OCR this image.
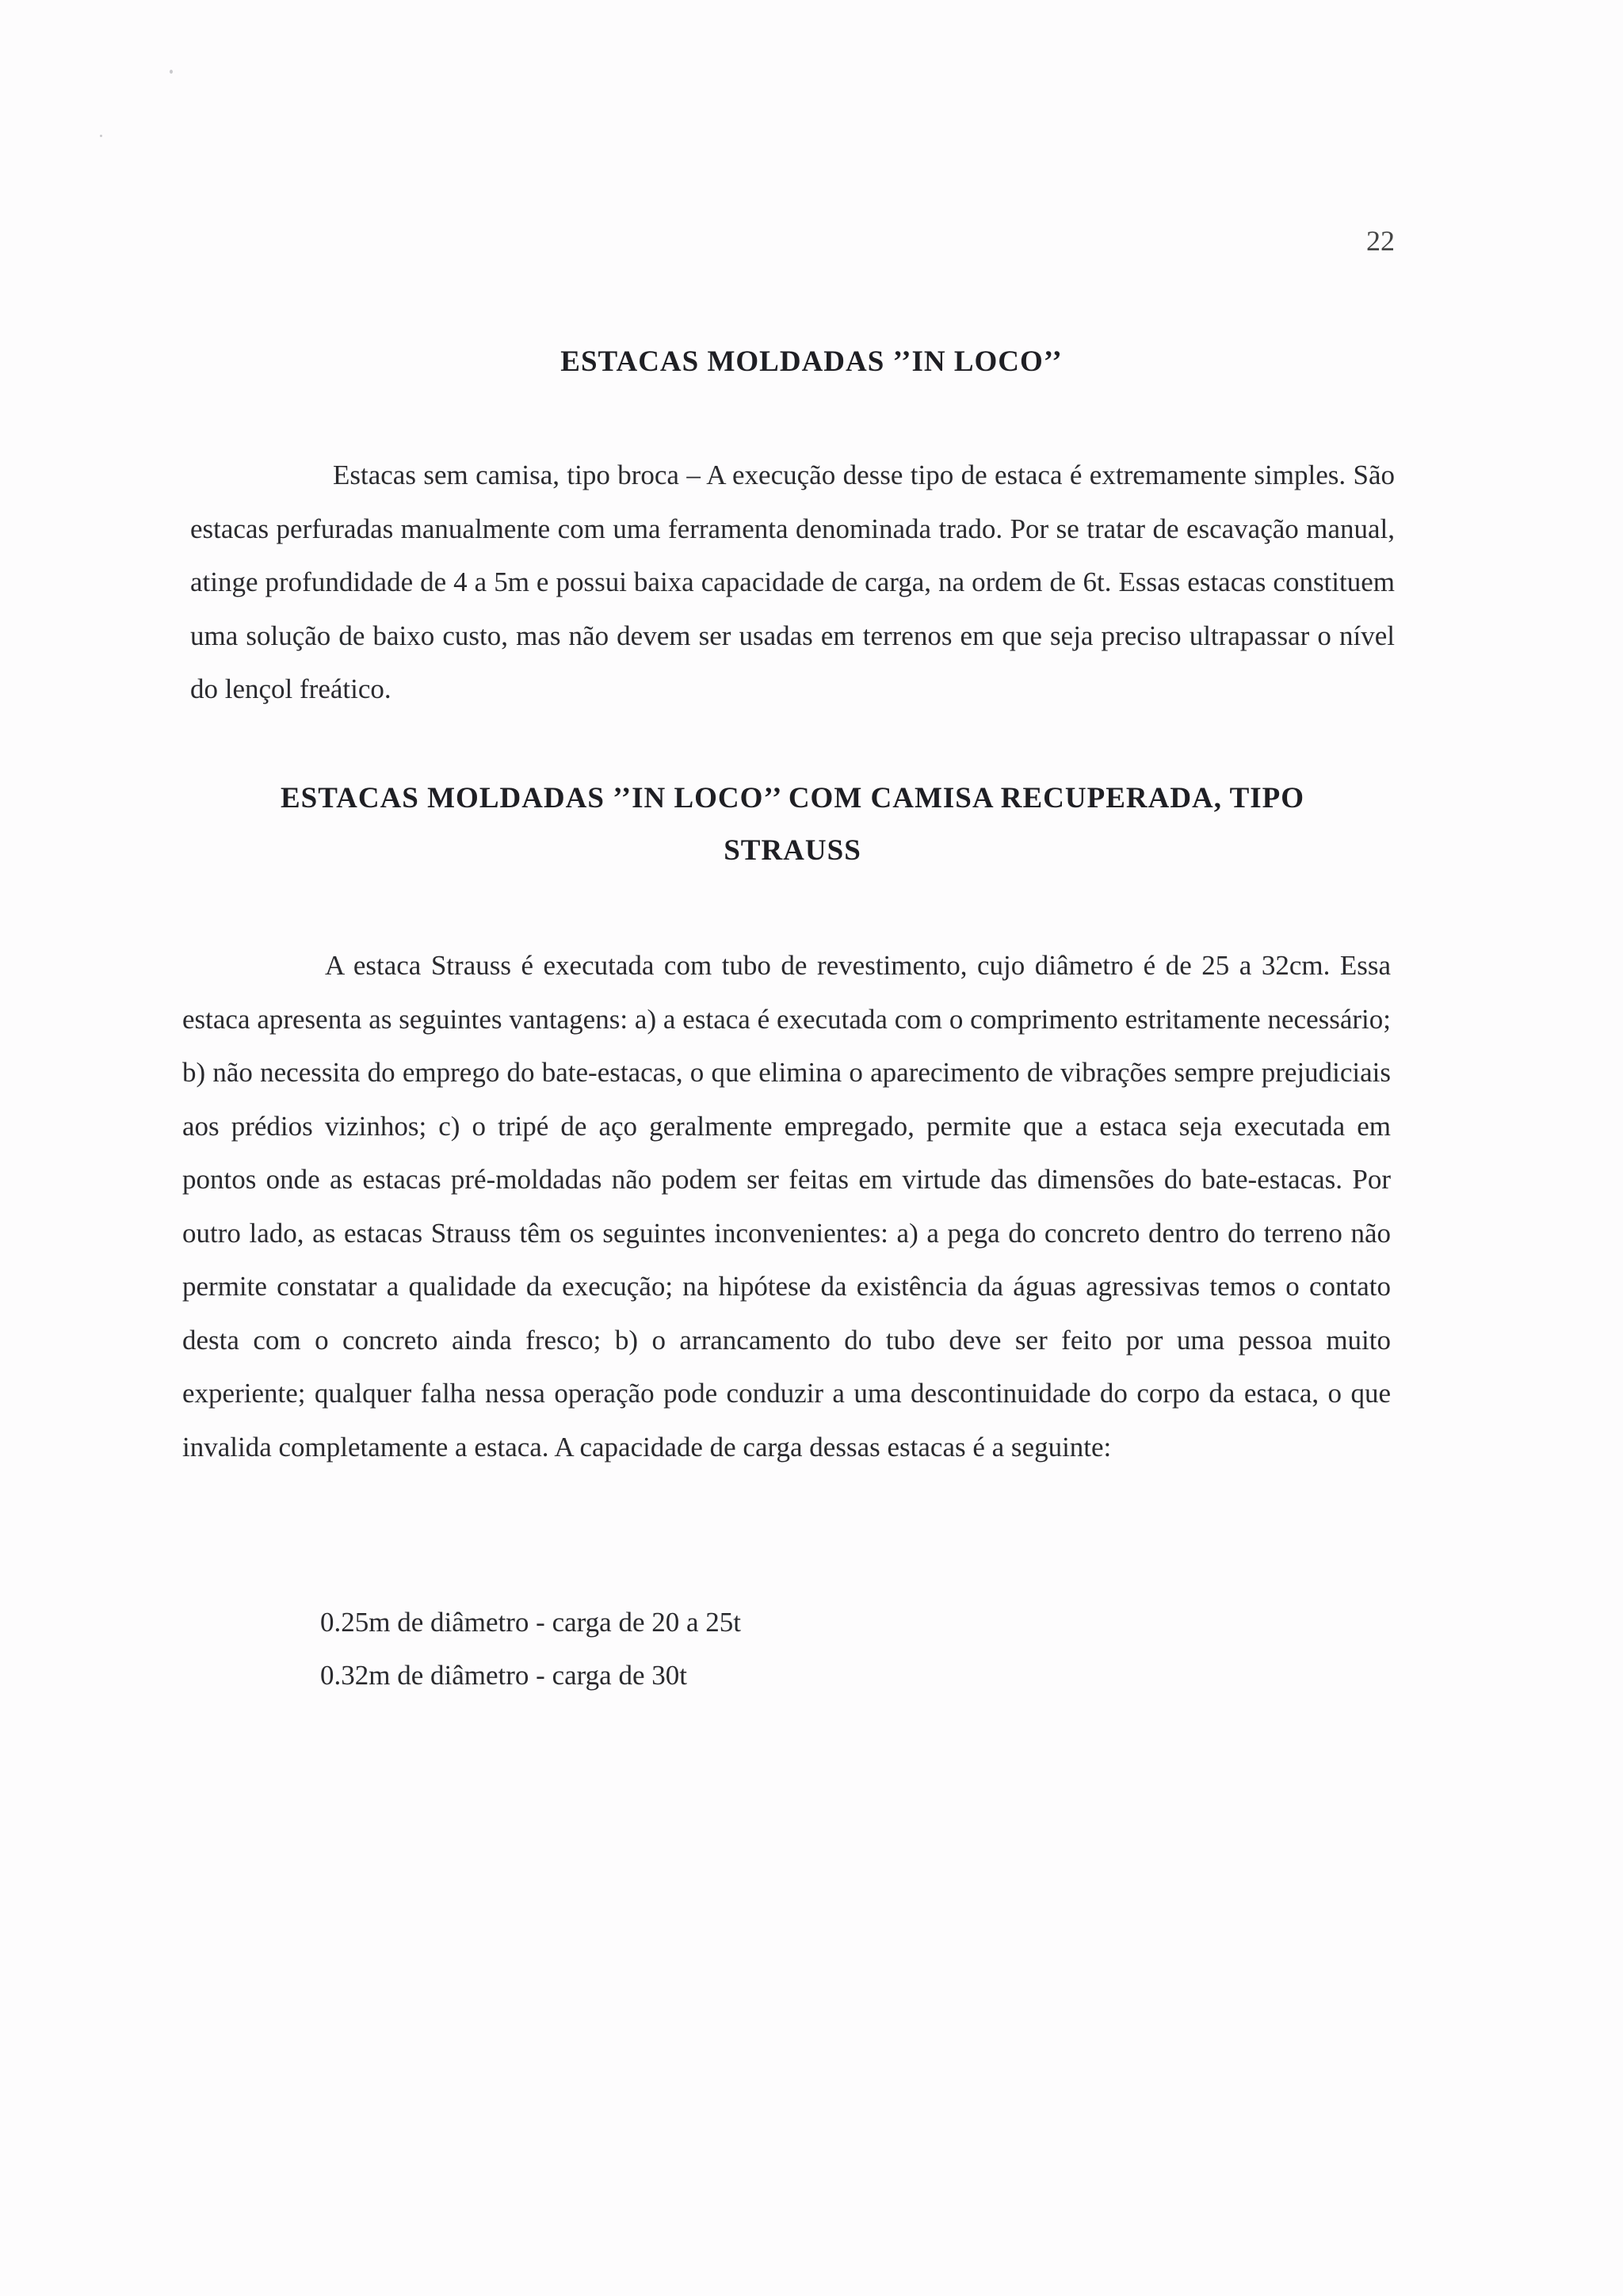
22
ESTACAS MOLDADAS ’’IN LOCO’’

Estacas sem camisa, tipo broca – A execução desse tipo de estaca é extremamente simples. São estacas perfuradas manualmente com uma ferramenta denominada trado. Por se tratar de escavação manual, atinge profundidade de 4 a 5m e possui baixa capacidade de carga, na ordem de 6t. Essas estacas constituem uma solução de baixo custo, mas não devem ser usadas em terrenos em que seja preciso ultrapassar o nível do lençol freático.

ESTACAS MOLDADAS ’’IN LOCO’’ COM CAMISA RECUPERADA, TIPO STRAUSS

A estaca Strauss é executada com tubo de revestimento, cujo diâmetro é de 25 a 32cm. Essa estaca apresenta as seguintes vantagens: a) a estaca é executada com o comprimento estritamente necessário; b) não necessita do emprego do bate-estacas, o que elimina o aparecimento de vibrações sempre prejudiciais aos prédios vizinhos; c) o tripé de aço geralmente empregado, permite que a estaca seja executada em pontos onde as estacas pré-moldadas não podem ser feitas em virtude das dimensões do bate-estacas. Por outro lado, as estacas Strauss têm os seguintes inconvenientes: a) a pega do concreto dentro do terreno não permite constatar a qualidade da execução; na hipótese da existência da águas agressivas temos o contato desta com o concreto ainda fresco; b) o arrancamento do tubo deve ser feito por uma pessoa muito experiente; qualquer falha nessa operação pode conduzir a uma descontinuidade do corpo da estaca, o que invalida completamente a estaca. A capacidade de carga dessas estacas é a seguinte:

0.25m de diâmetro - carga de 20 a 25t
0.32m de diâmetro - carga de 30t
